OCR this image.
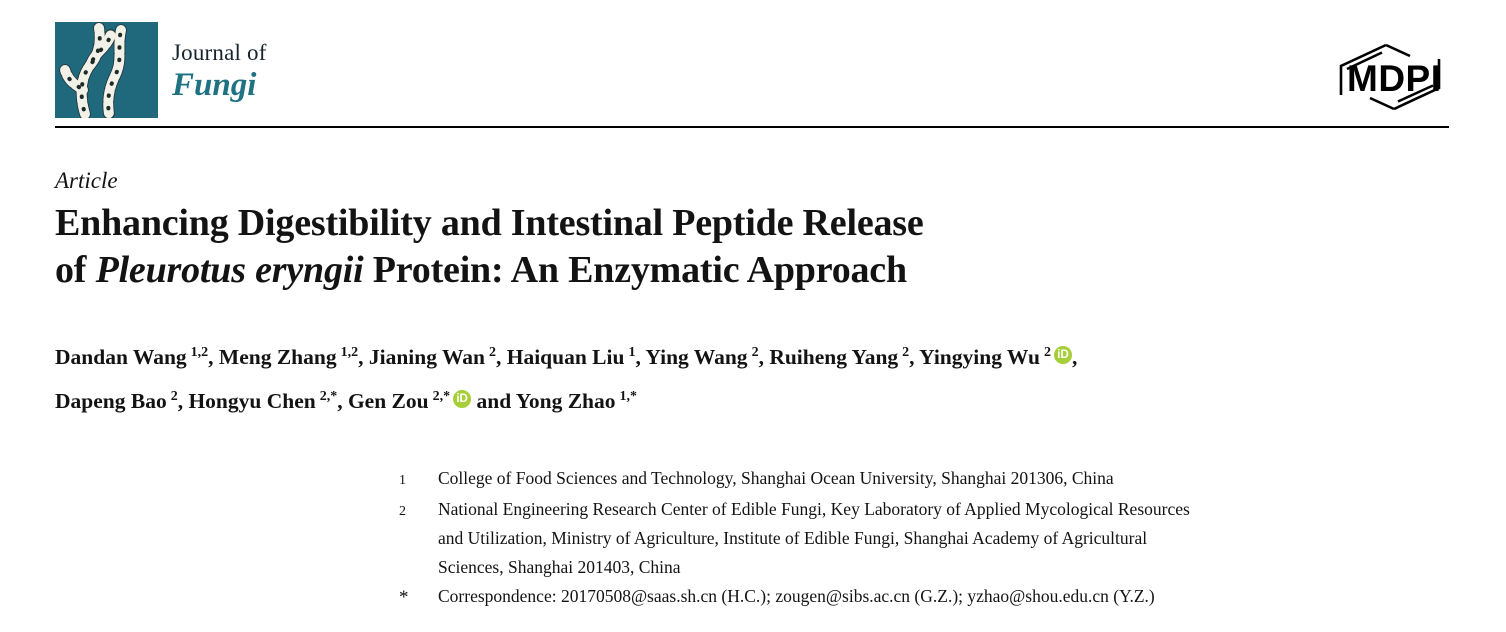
Journal of
Fungi	MDPI
Article
Enhancing Digestibility and Intestinal Peptide Release
of Pleurotus eryngii Protein: An Enzymatic Approach
Dandan Wang $^{1,2}$, Meng Zhang $^{1,2}$, Jianing Wan $^2$, Haiquan Liu $^1$, Ying Wang $^2$, Ruiheng Yang $^2$, Yingying Wu $^2$ iD ,
Dapeng Bao $^2$, Hongyu Chen $^{2,*}$, Gen Zou $^{2,*}$ iD and Yong Zhao $^{1,*}$
1	College of Food Sciences and Technology, Shanghai Ocean University, Shanghai 201306, China
2	National Engineering Research Center of Edible Fungi, Key Laboratory of Applied Mycological Resources
and Utilization, Ministry of Agriculture, Institute of Edible Fungi, Shanghai Academy of Agricultural
Sciences, Shanghai 201403, China
*	Correspondence: 20170508@saas.sh.cn (H.C.); zougen@sibs.ac.cn (G.Z.); yzhao@shou.edu.cn (Y.Z.)
